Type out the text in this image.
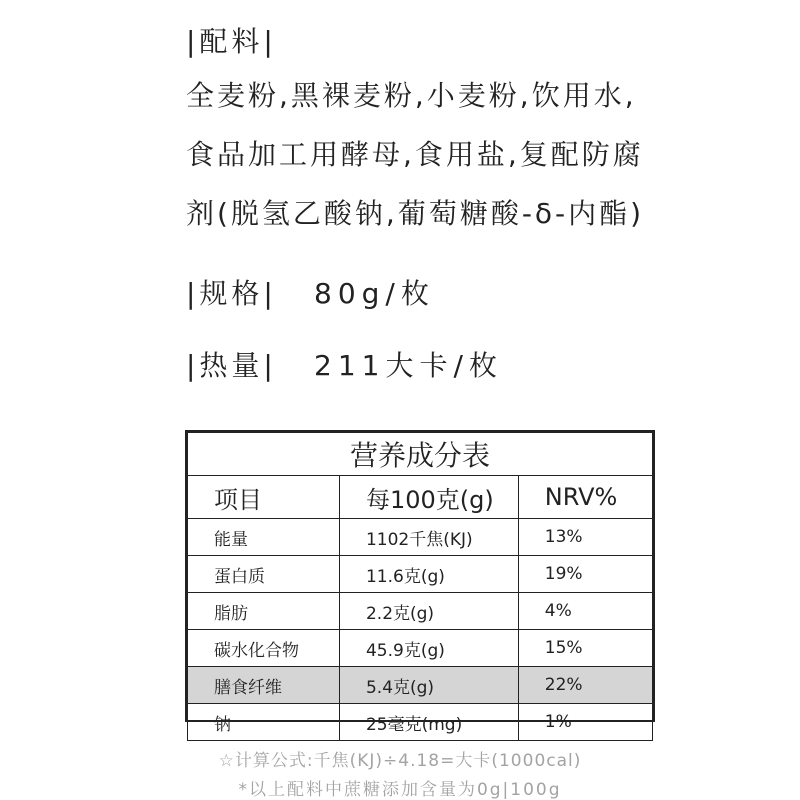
|配料|
全麦粉,黑裸麦粉,小麦粉,饮用水,
食品加工用酵母,食用盐,复配防腐
剂(脱氢乙酸钠,葡萄糖酸-δ-内酯)
|规格| 80g/枚
|热量| 211大卡/枚
营养成分表		
项目	每100克(g)	NRV%
能量	1102千焦(KJ)	13%
蛋白质	11.6克(g)	19%
脂肪	2.2克(g)	4%
碳水化合物	45.9克(g)	15%
膳食纤维	5.4克(g)	22%
钠	25毫克(mg)	1%
☆计算公式:千焦(KJ)÷4.18=大卡(1000cal)
*以上配料中蔗糖添加含量为0g|100g
